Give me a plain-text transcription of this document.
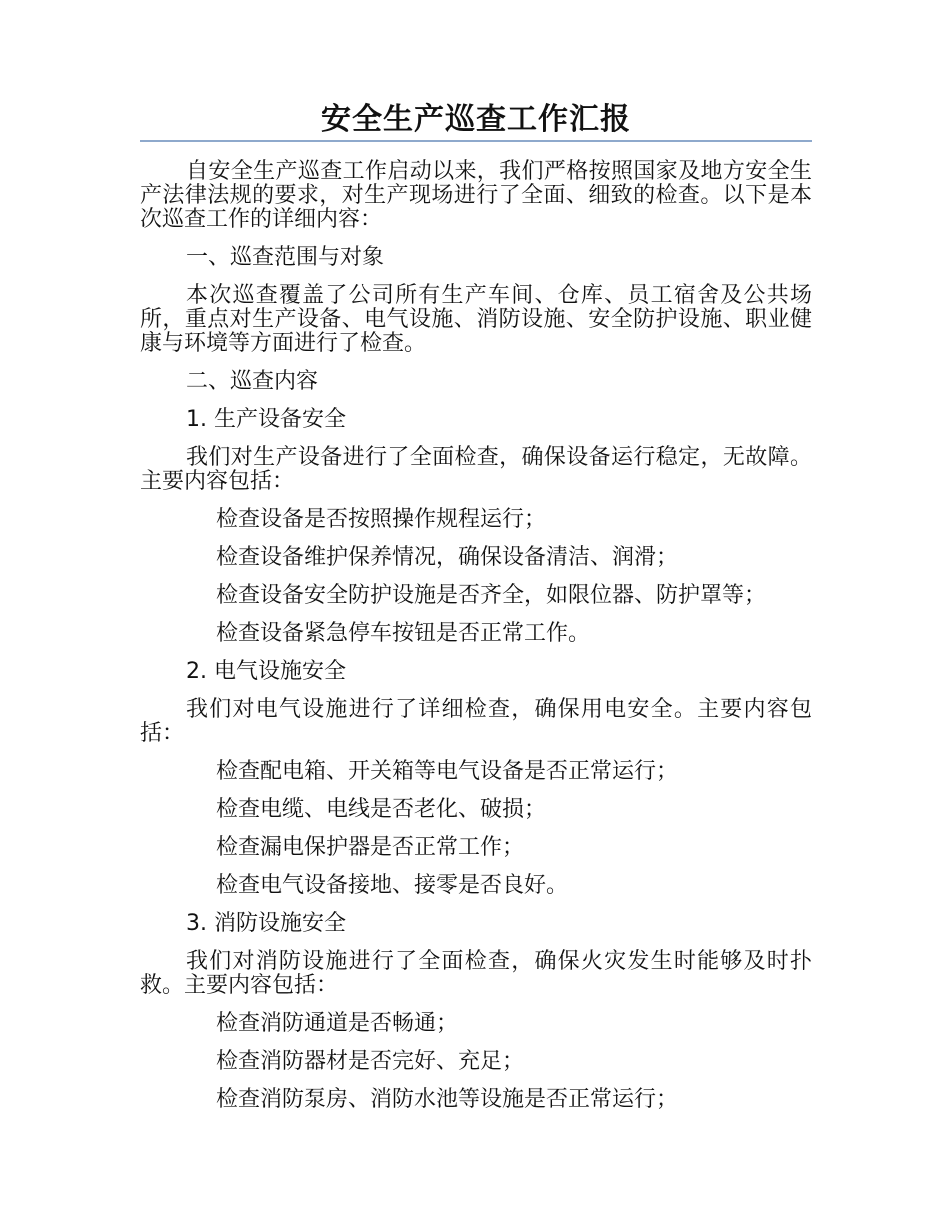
安全生产巡查工作汇报
自安全生产巡查工作启动以来，我们严格按照国家及地方安全生产法律法规的要求，对生产现场进行了全面、细致的检查。以下是本次巡查工作的详细内容：
一、巡查范围与对象
本次巡查覆盖了公司所有生产车间、仓库、员工宿舍及公共场所，重点对生产设备、电气设施、消防设施、安全防护设施、职业健康与环境等方面进行了检查。
二、巡查内容
1. 生产设备安全
我们对生产设备进行了全面检查，确保设备运行稳定，无故障。主要内容包括：
检查设备是否按照操作规程运行；
检查设备维护保养情况，确保设备清洁、润滑；
检查设备安全防护设施是否齐全，如限位器、防护罩等；
检查设备紧急停车按钮是否正常工作。
2. 电气设施安全
我们对电气设施进行了详细检查，确保用电安全。主要内容包括：
检查配电箱、开关箱等电气设备是否正常运行；
检查电缆、电线是否老化、破损；
检查漏电保护器是否正常工作；
检查电气设备接地、接零是否良好。
3. 消防设施安全
我们对消防设施进行了全面检查，确保火灾发生时能够及时扑救。主要内容包括：
检查消防通道是否畅通；
检查消防器材是否完好、充足；
检查消防泵房、消防水池等设施是否正常运行；
